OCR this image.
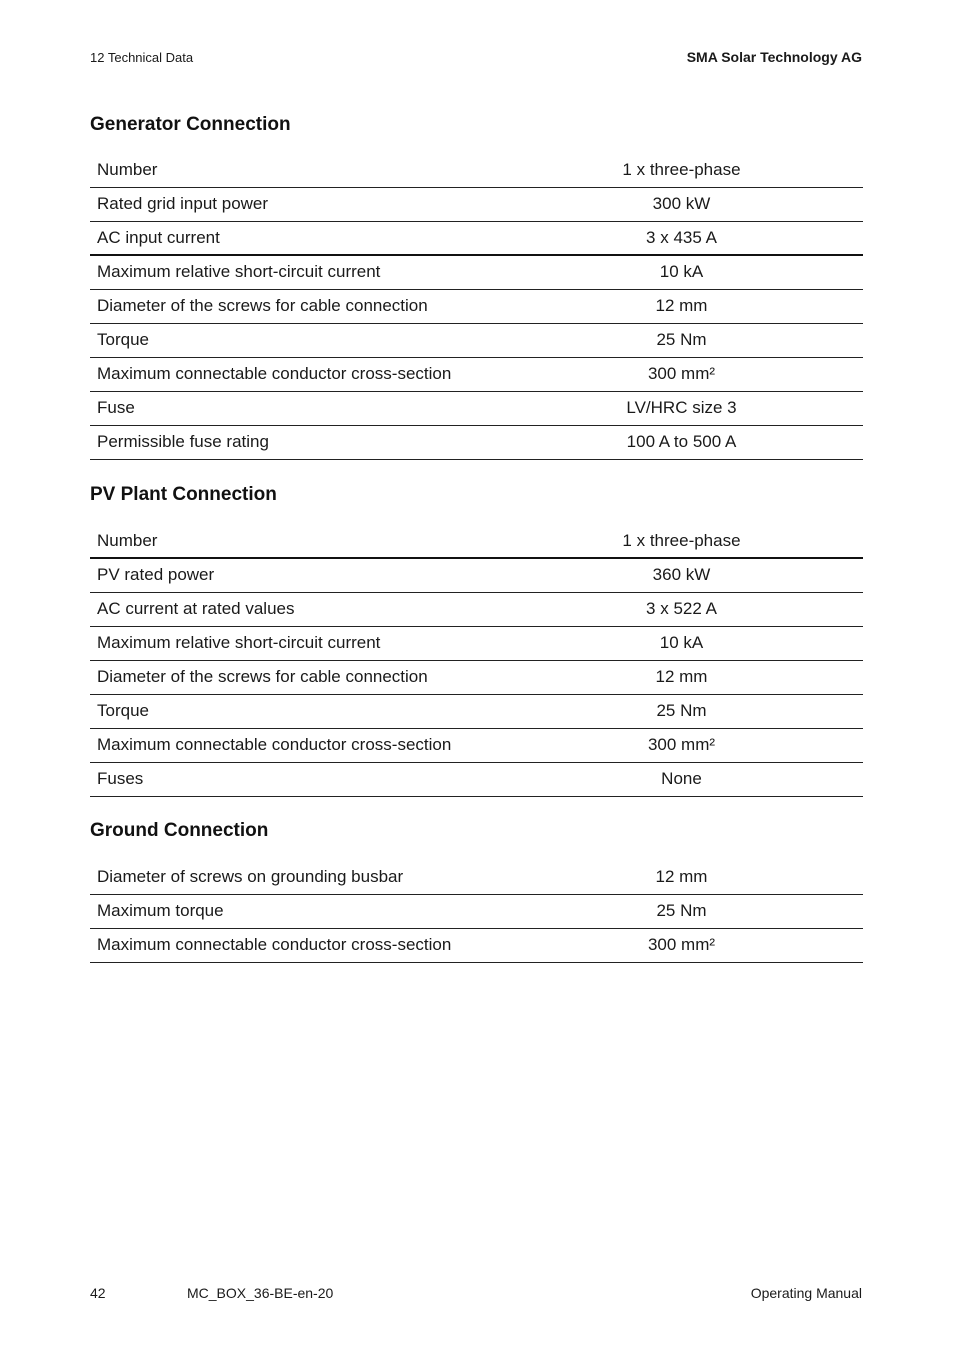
12 Technical Data	SMA Solar Technology AG
Generator Connection
Number	1 x three-phase
Rated grid input power	300 kW
AC input current	3 x 435 A
Maximum relative short-circuit current	10 kA
Diameter of the screws for cable connection	12 mm
Torque	25 Nm
Maximum connectable conductor cross-section	300 mm²
Fuse	LV/HRC size 3
Permissible fuse rating	100 A to 500 A
PV Plant Connection
Number	1 x three-phase
PV rated power	360 kW
AC current at rated values	3 x 522 A
Maximum relative short-circuit current	10 kA
Diameter of the screws for cable connection	12 mm
Torque	25 Nm
Maximum connectable conductor cross-section	300 mm²
Fuses	None
Ground Connection
Diameter of screws on grounding busbar	12 mm
Maximum torque	25 Nm
Maximum connectable conductor cross-section	300 mm²
42	MC_BOX_36-BE-en-20	Operating Manual
